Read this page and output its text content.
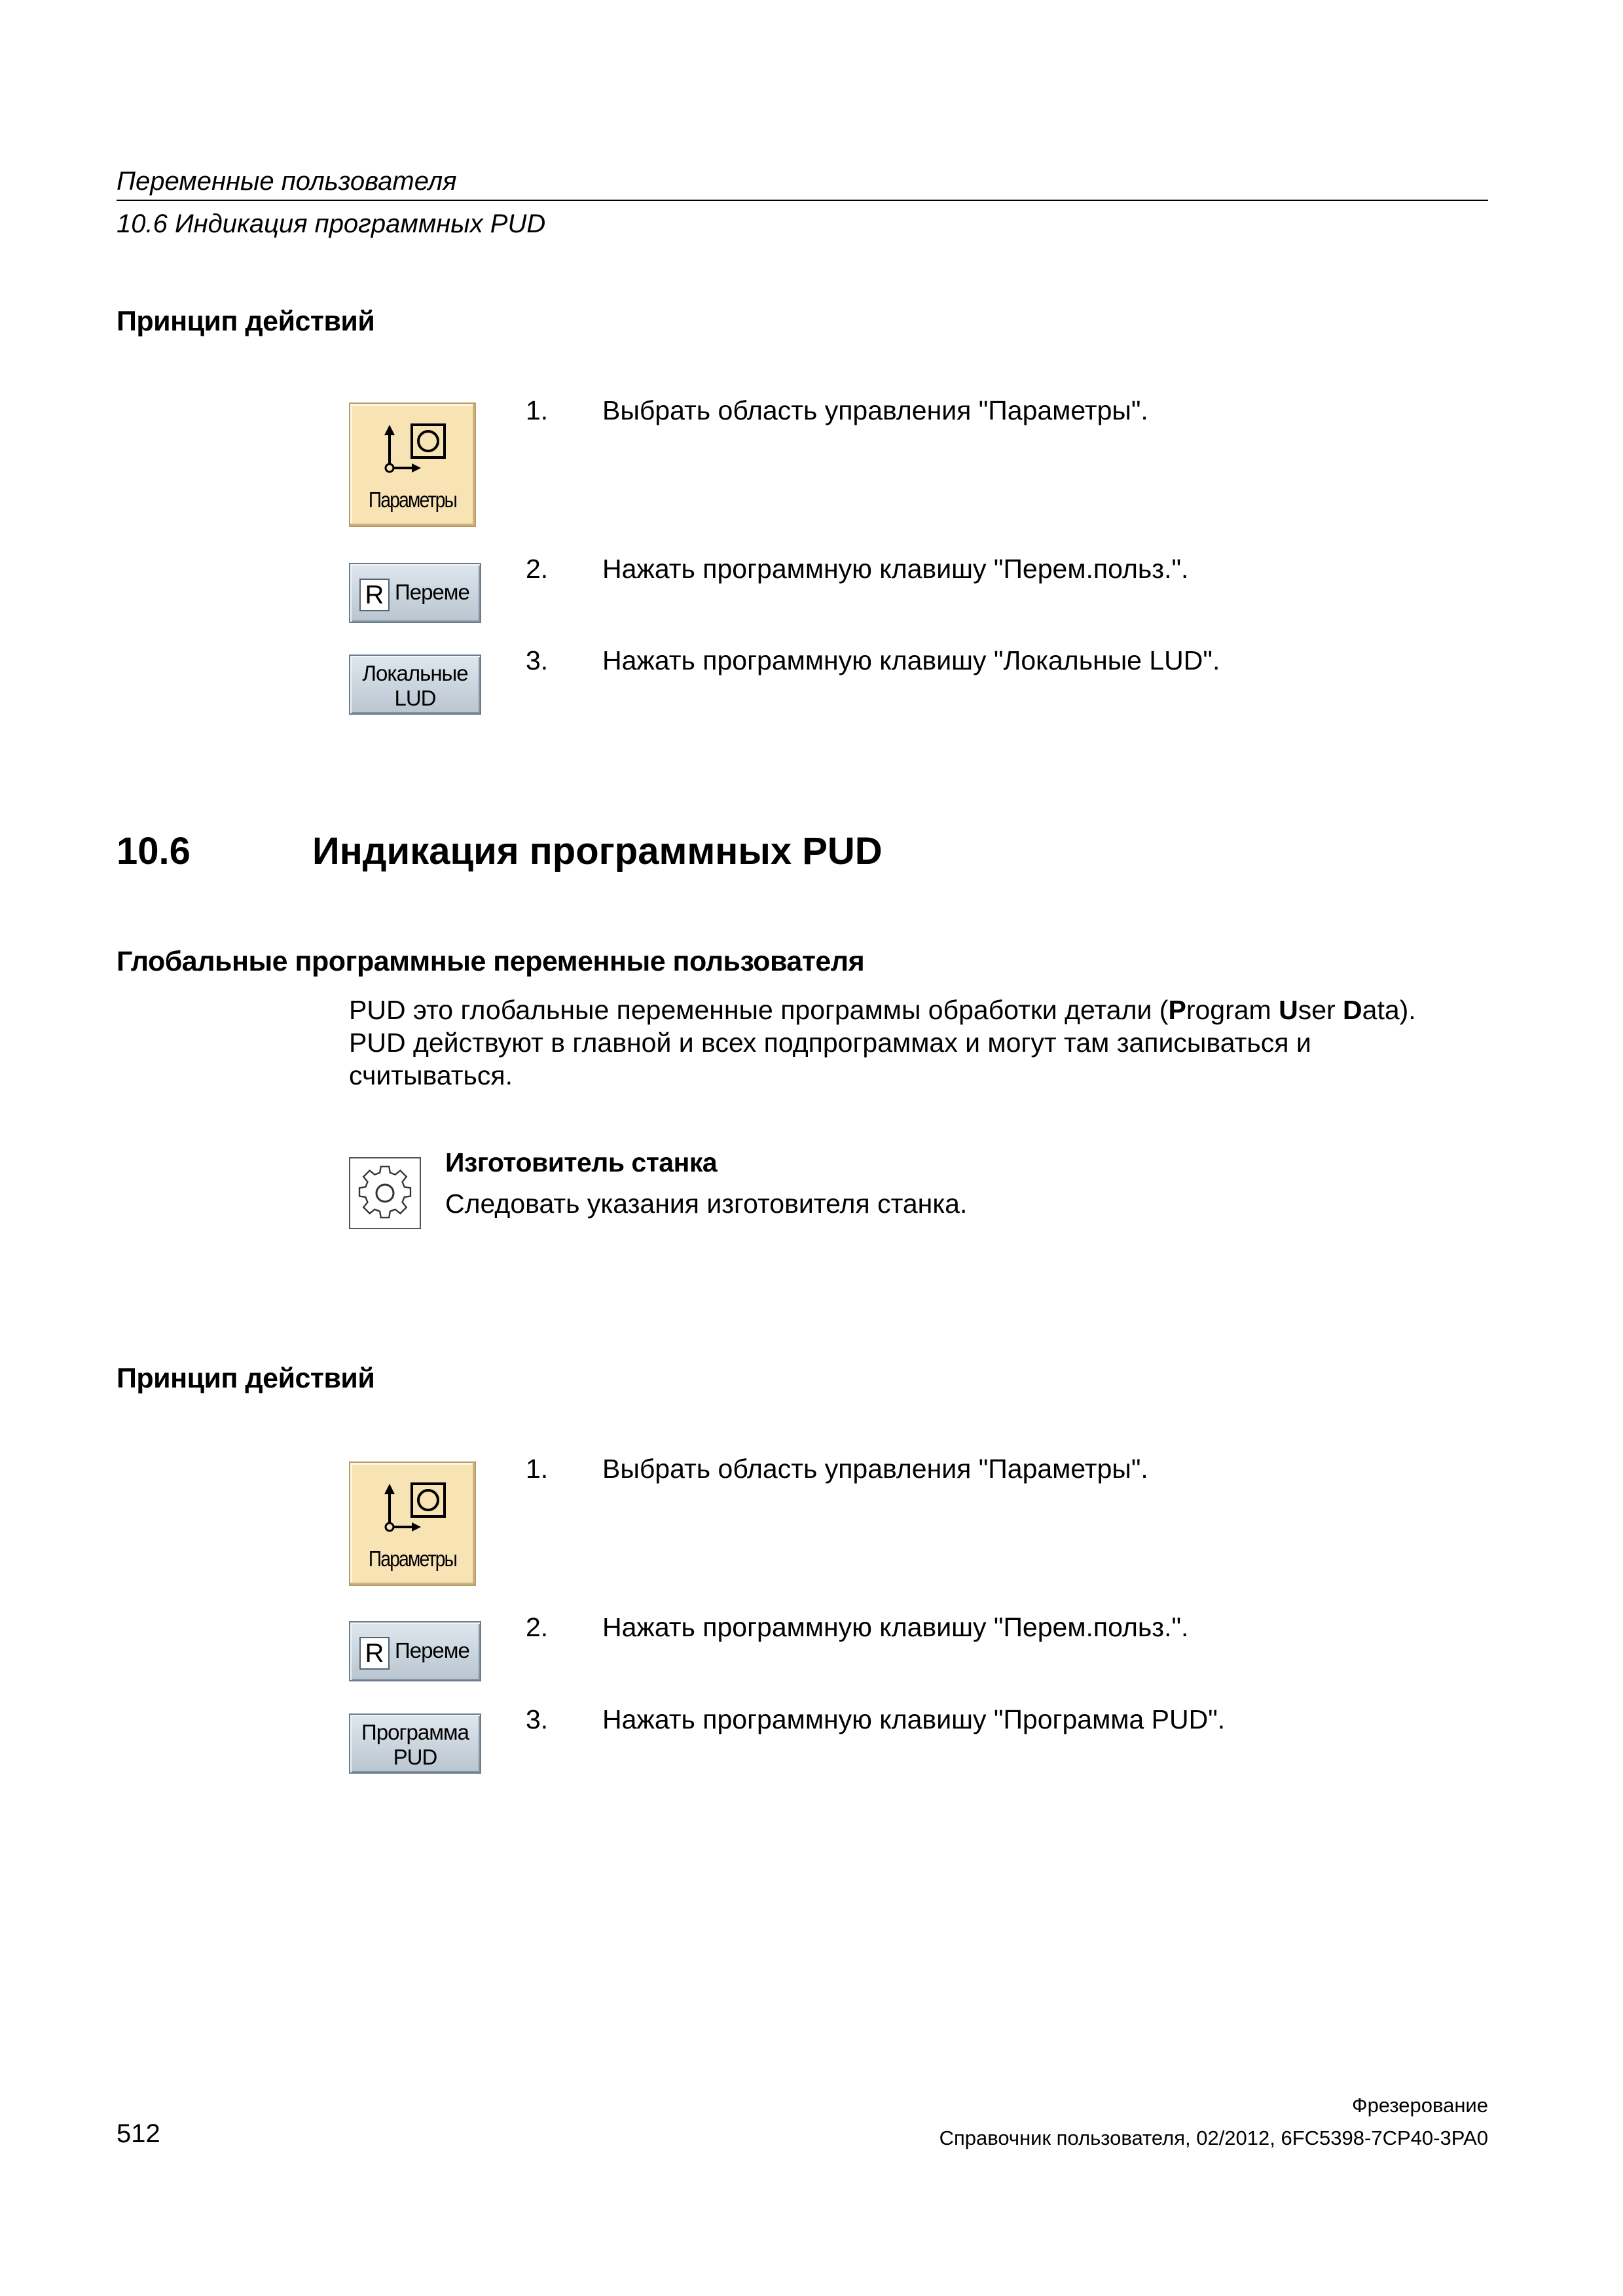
Переменные пользователя
10.6 Индикация программных PUD
Принцип действий
Параметры
R Переме
Локальные
LUD
1. Выбрать область управления "Параметры".
2. Нажать программную клавишу "Перем.польз.".
3. Нажать программную клавишу "Локальные LUD".
10.6	Индикация программных PUD
Глобальные программные переменные пользователя
PUD это глобальные переменные программы обработки детали (Program User Data).
PUD действуют в главной и всех подпрограммах и могут там записываться и
считываться.
Изготовитель станка
Следовать указания изготовителя станка.
Принцип действий
Параметры
R Переме
Программа
PUD
1. Выбрать область управления "Параметры".
2. Нажать программную клавишу "Перем.польз.".
3. Нажать программную клавишу "Программа PUD".
512
Фрезерование
Справочник пользователя, 02/2012, 6FC5398-7CP40-3PA0
